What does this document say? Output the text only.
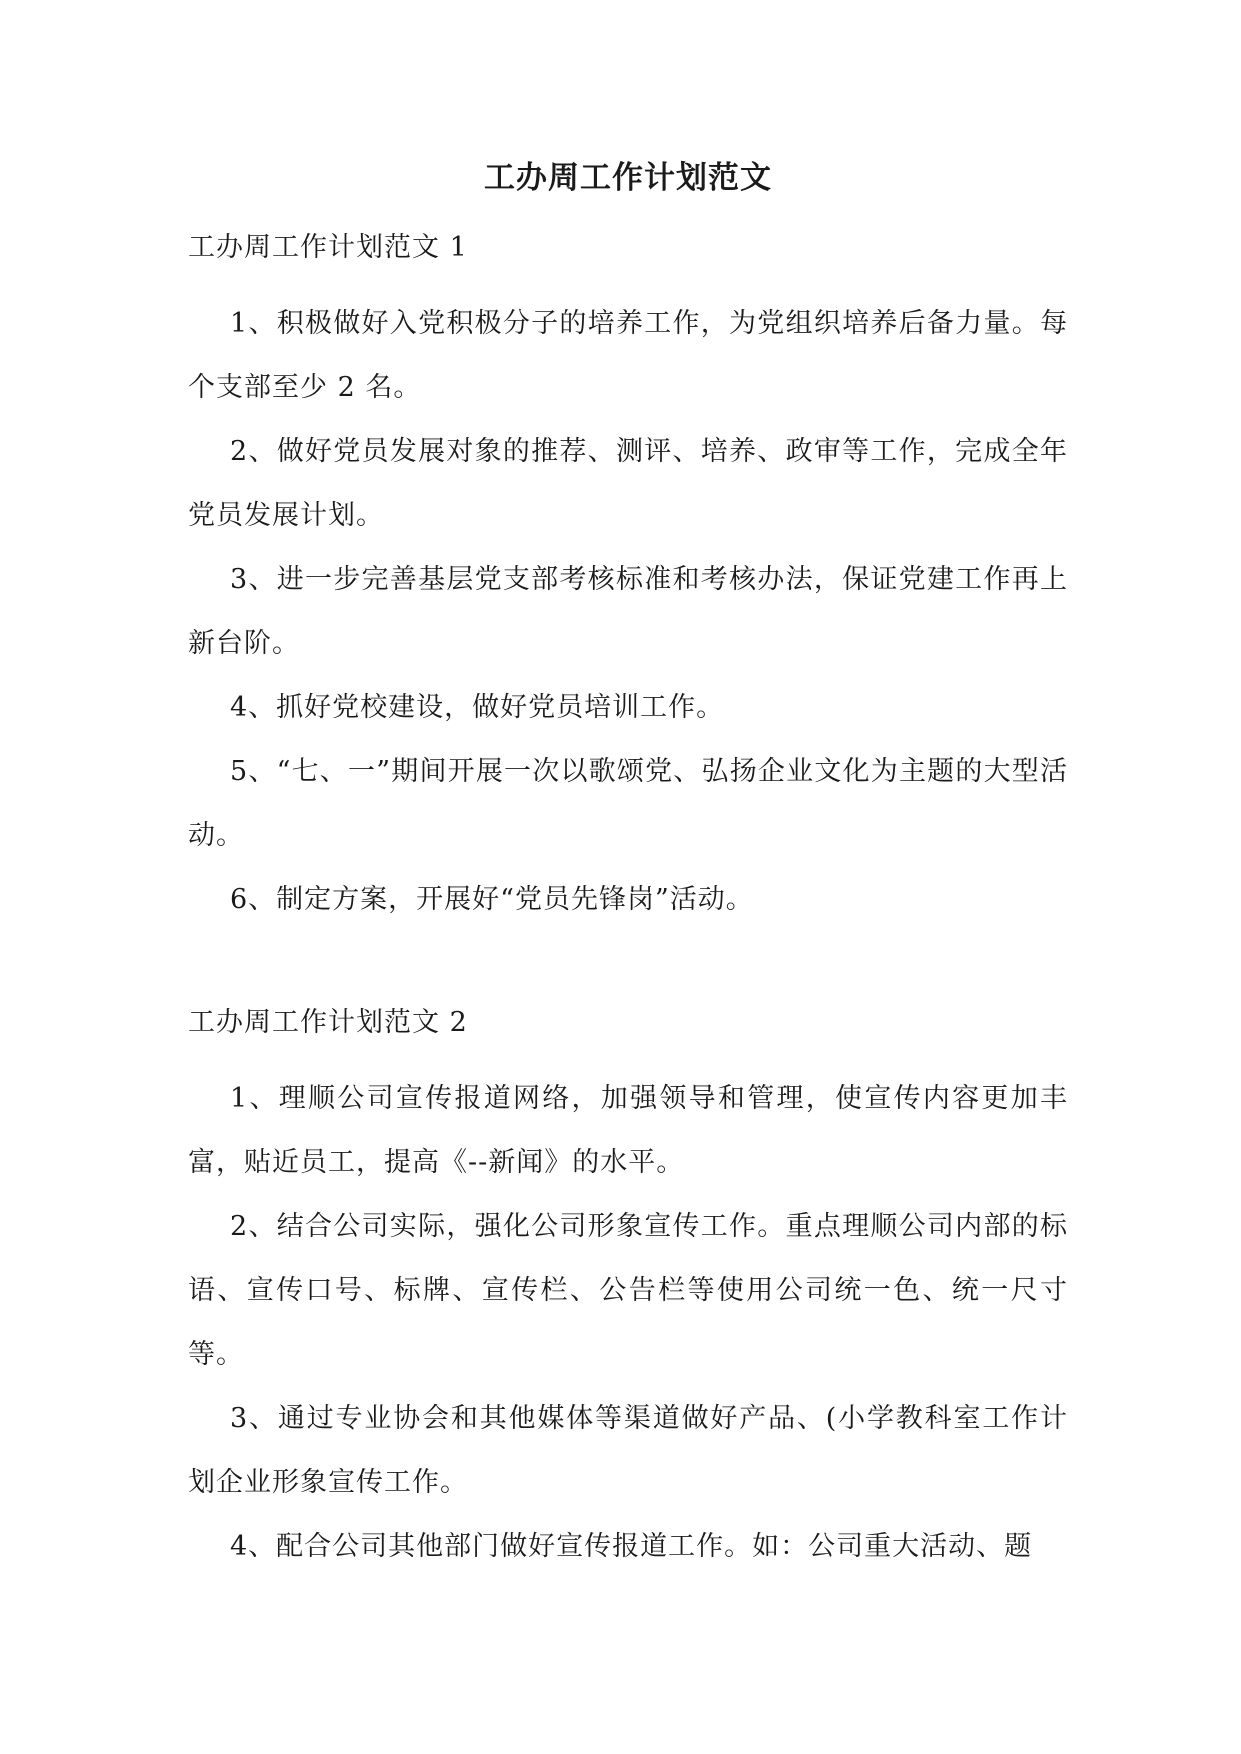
工办周工作计划范文

工办周工作计划范文 1

1、积极做好入党积极分子的培养工作，为党组织培养后备力量。每个支部至少 2 名。

2、做好党员发展对象的推荐、测评、培养、政审等工作，完成全年党员发展计划。

3、进一步完善基层党支部考核标准和考核办法，保证党建工作再上新台阶。

4、抓好党校建设，做好党员培训工作。

5、“七、一”期间开展一次以歌颂党、弘扬企业文化为主题的大型活动。

6、制定方案，开展好“党员先锋岗”活动。

工办周工作计划范文 2

1、理顺公司宣传报道网络，加强领导和管理，使宣传内容更加丰富，贴近员工，提高《--新闻》的水平。

2、结合公司实际，强化公司形象宣传工作。重点理顺公司内部的标语、宣传口号、标牌、宣传栏、公告栏等使用公司统一色、统一尺寸等。

3、通过专业协会和其他媒体等渠道做好产品、(小学教科室工作计划企业形象宣传工作。

4、配合公司其他部门做好宣传报道工作。如：公司重大活动、题
